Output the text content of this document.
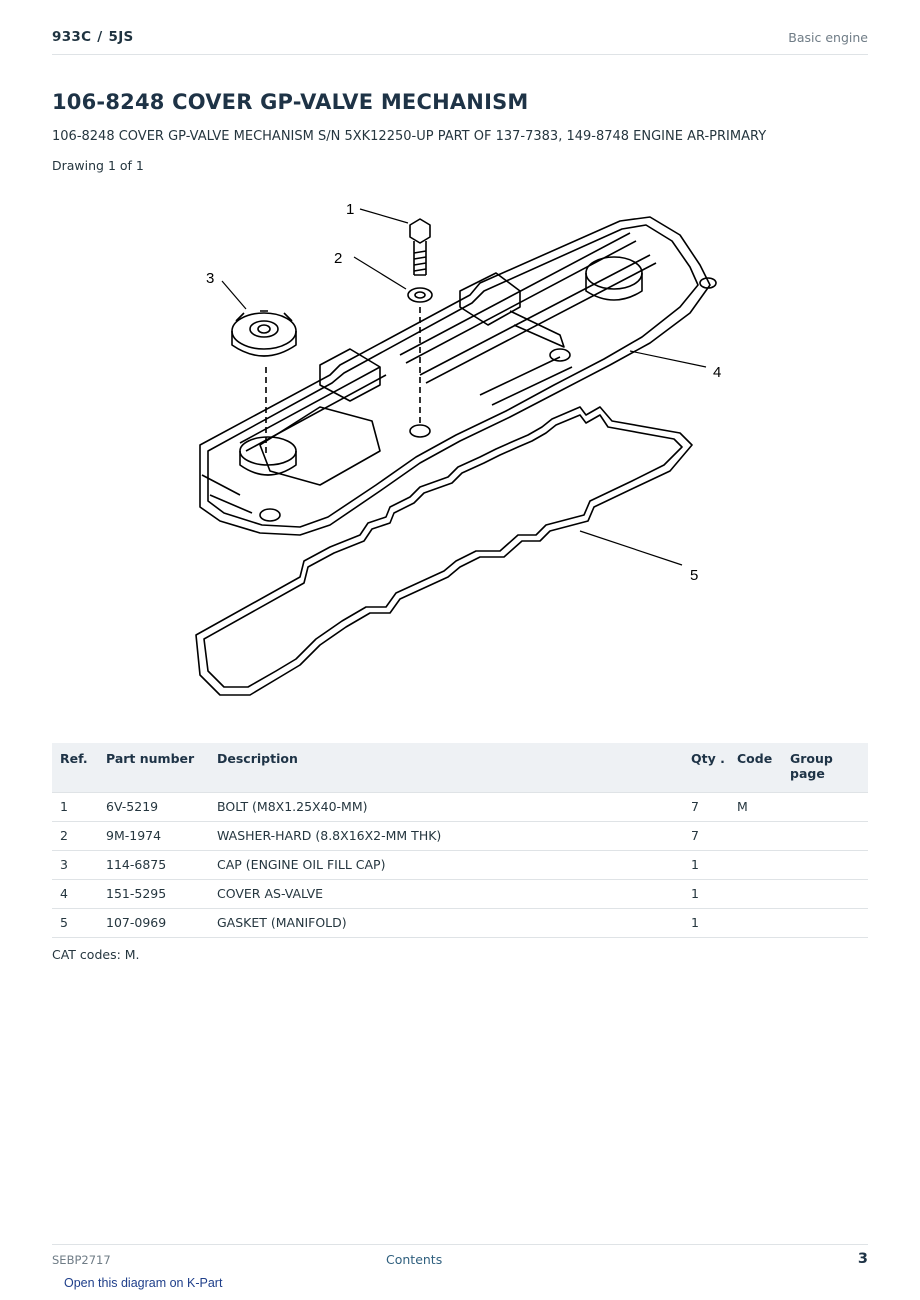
933C / 5JS	Basic engine
106-8248 COVER GP-VALVE MECHANISM
106-8248 COVER GP-VALVE MECHANISM S/N 5XK12250-UP PART OF 137-7383, 149-8748 ENGINE AR-PRIMARY
Drawing 1 of 1
1
2
3
4
5
Ref.	Part number	Description	Qty .	Code	Group page
1	6V-5219	BOLT (M8X1.25X40-MM)	7	M	
2	9M-1974	WASHER-HARD (8.8X16X2-MM THK)	7		
3	114-6875	CAP (ENGINE OIL FILL CAP)	1		
4	151-5295	COVER AS-VALVE	1		
5	107-0969	GASKET (MANIFOLD)	1		
CAT codes: M.
SEBP2717	Contents	3
Open this diagram on K-Part
